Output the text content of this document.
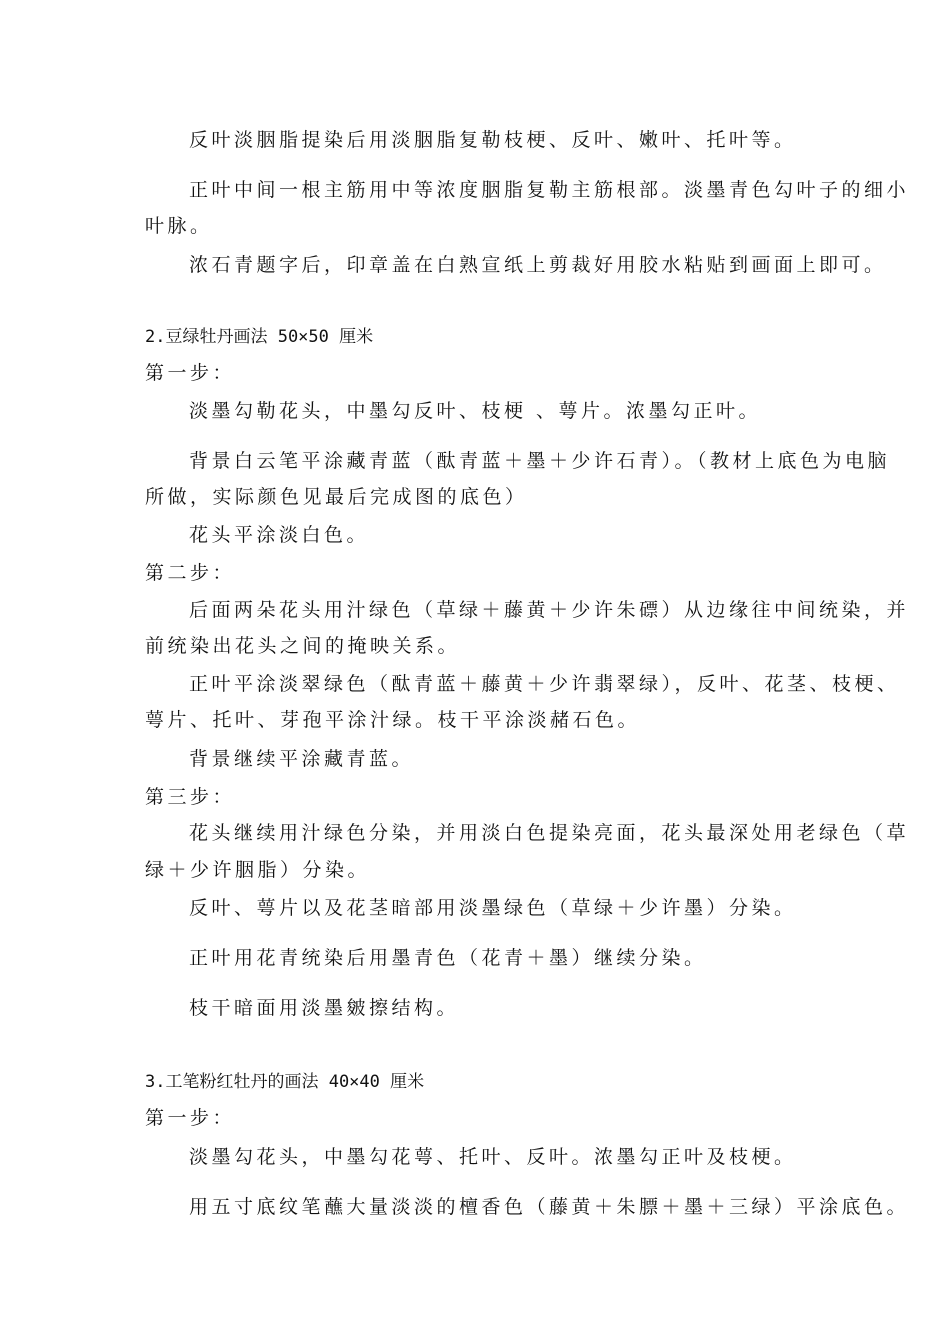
反叶淡胭脂提染后用淡胭脂复勒枝梗、反叶、嫩叶、托叶等。
正叶中间一根主筋用中等浓度胭脂复勒主筋根部。淡墨青色勾叶子的细小
叶脉。
浓石青题字后，印章盖在白熟宣纸上剪裁好用胶水粘贴到画面上即可。
2.豆绿牡丹画法 50×50 厘米
第一步：
淡墨勾勒花头，中墨勾反叶、枝梗 、萼片。浓墨勾正叶。
背景白云笔平涂藏青蓝（酞青蓝＋墨＋少许石青）。（教材上底色为电脑
所做，实际颜色见最后完成图的底色）
花头平涂淡白色。
第二步：
后面两朵花头用汁绿色（草绿＋藤黄＋少许朱磦）从边缘往中间统染，并
前统染出花头之间的掩映关系。
正叶平涂淡翠绿色（酞青蓝＋藤黄＋少许翡翠绿），反叶、花茎、枝梗、
萼片、托叶、芽孢平涂汁绿。枝干平涂淡赭石色。
背景继续平涂藏青蓝。
第三步：
花头继续用汁绿色分染，并用淡白色提染亮面，花头最深处用老绿色（草
绿＋少许胭脂）分染。
反叶、萼片以及花茎暗部用淡墨绿色（草绿＋少许墨）分染。
正叶用花青统染后用墨青色（花青＋墨）继续分染。
枝干暗面用淡墨皴擦结构。
3.工笔粉红牡丹的画法 40×40 厘米
第一步：
淡墨勾花头，中墨勾花萼、托叶、反叶。浓墨勾正叶及枝梗。
用五寸底纹笔蘸大量淡淡的檀香色（藤黄＋朱膘＋墨＋三绿）平涂底色。
